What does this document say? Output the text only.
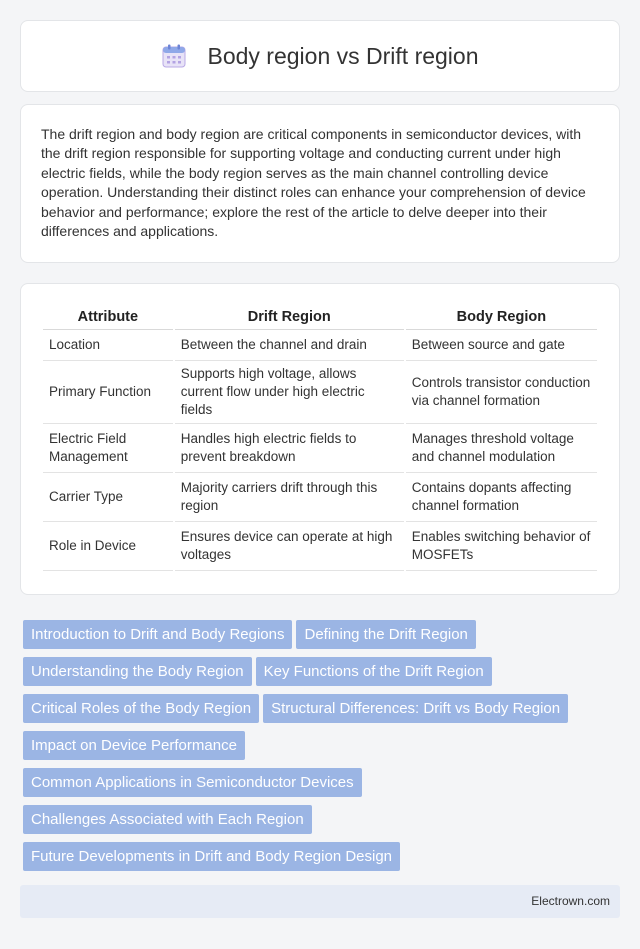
Body region vs Drift region

The drift region and body region are critical components in semiconductor devices, with the drift region responsible for supporting voltage and conducting current under high electric fields, while the body region serves as the main channel controlling device operation. Understanding their distinct roles can enhance your comprehension of device behavior and performance; explore the rest of the article to delve deeper into their differences and applications.

Attribute	Drift Region	Body Region
Location	Between the channel and drain	Between source and gate
Primary Function	Supports high voltage, allows current flow under high electric fields	Controls transistor conduction via channel formation
Electric Field Management	Handles high electric fields to prevent breakdown	Manages threshold voltage and channel modulation
Carrier Type	Majority carriers drift through this region	Contains dopants affecting channel formation
Role in Device	Ensures device can operate at high voltages	Enables switching behavior of MOSFETs
Introduction to Drift and Body Regions Defining the Drift Region
Understanding the Body Region Key Functions of the Drift Region
Critical Roles of the Body Region Structural Differences: Drift vs Body Region
Impact on Device Performance
Common Applications in Semiconductor Devices
Challenges Associated with Each Region
Future Developments in Drift and Body Region Design
Electrown.com
